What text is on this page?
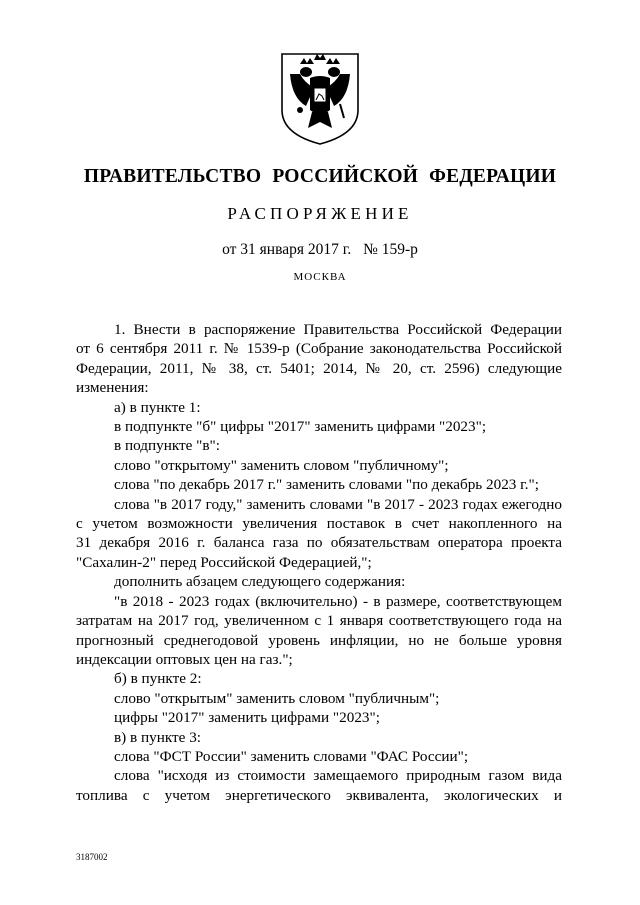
ПРАВИТЕЛЬСТВО РОССИЙСКОЙ ФЕДЕРАЦИИ
РАСПОРЯЖЕНИЕ
от 31 января 2017 г. № 159-р
МОСКВА
1. Внести в распоряжение Правительства Российской Федерации
от 6 сентября 2011 г. № 1539-р (Собрание законодательства Российской
Федерации, 2011, № 38, ст. 5401; 2014, № 20, ст. 2596) следующие
изменения:
а) в пункте 1:
в подпункте "б" цифры "2017" заменить цифрами "2023";
в подпункте "в":
слово "открытому" заменить словом "публичному";
слова "по декабрь 2017 г." заменить словами "по декабрь 2023 г.";
слова "в 2017 году," заменить словами "в 2017 - 2023 годах ежегодно
с учетом возможности увеличения поставок в счет накопленного на
31 декабря 2016 г. баланса газа по обязательствам оператора проекта
"Сахалин-2" перед Российской Федерацией,";
дополнить абзацем следующего содержания:
"в 2018 - 2023 годах (включительно) - в размере, соответствующем
затратам на 2017 год, увеличенном с 1 января соответствующего года на
прогнозный среднегодовой уровень инфляции, но не больше уровня
индексации оптовых цен на газ.";
б) в пункте 2:
слово "открытым" заменить словом "публичным";
цифры "2017" заменить цифрами "2023";
в) в пункте 3:
слова "ФСТ России" заменить словами "ФАС России";
слова "исходя из стоимости замещаемого природным газом вида
топлива с учетом энергетического эквивалента, экологических и
3187002
